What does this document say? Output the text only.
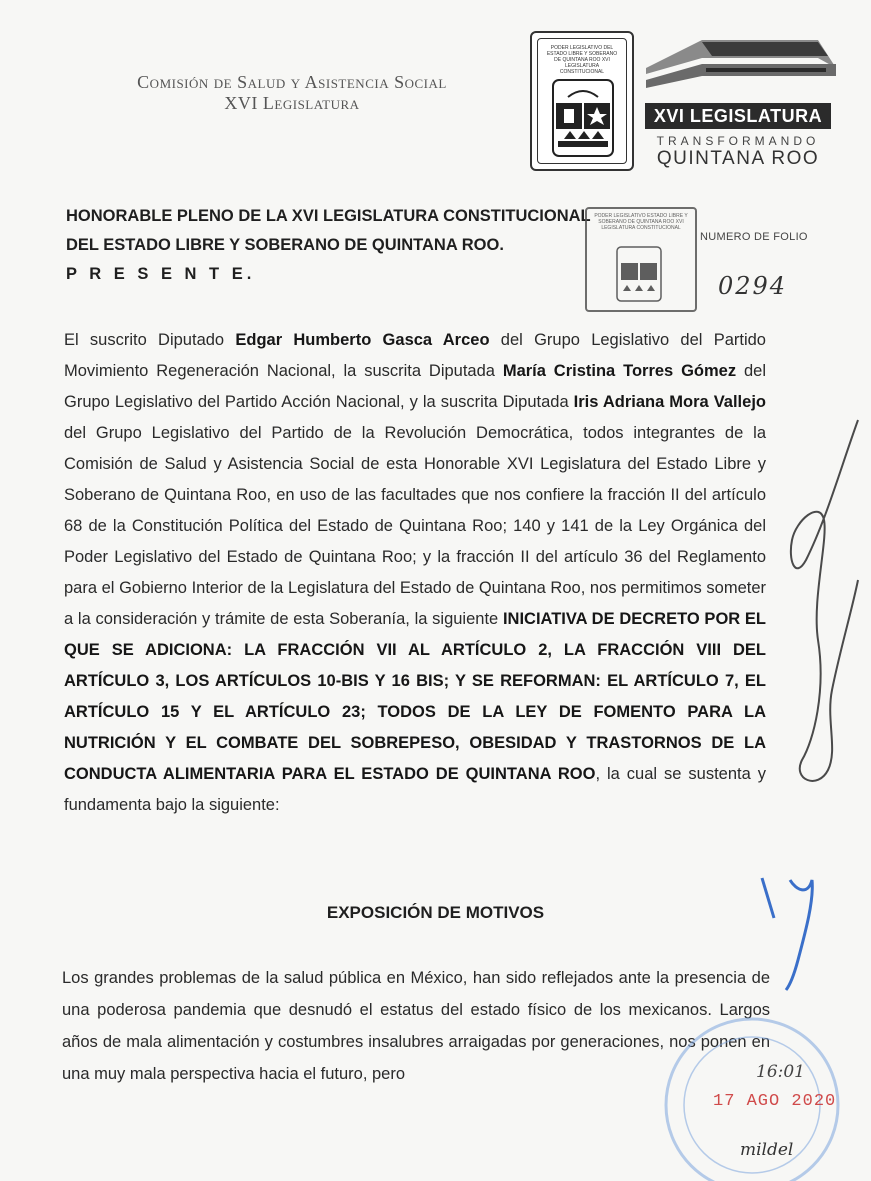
Comisión de Salud y Asistencia Social
XVI Legislatura
PODER LEGISLATIVO DEL ESTADO LIBRE Y SOBERANO DE QUINTANA ROO XVI LEGISLATURA CONSTITUCIONAL
XVI LEGISLATURA
TRANSFORMANDO
QUINTANA ROO
HONORABLE PLENO DE LA XVI LEGISLATURA CONSTITUCIONAL
DEL ESTADO LIBRE Y SOBERANO DE QUINTANA ROO.
P R E S E N T E.
PODER LEGISLATIVO ESTADO LIBRE Y SOBERANO DE QUINTANA ROO XVI LEGISLATURA CONSTITUCIONAL
NUMERO DE FOLIO
0294
El suscrito Diputado Edgar Humberto Gasca Arceo del Grupo Legislativo del Partido Movimiento Regeneración Nacional, la suscrita Diputada María Cristina Torres Gómez del Grupo Legislativo del Partido Acción Nacional, y la suscrita Diputada Iris Adriana Mora Vallejo del Grupo Legislativo del Partido de la Revolución Democrática, todos integrantes de la Comisión de Salud y Asistencia Social de esta Honorable XVI Legislatura del Estado Libre y Soberano de Quintana Roo, en uso de las facultades que nos confiere la fracción II del artículo 68 de la Constitución Política del Estado de Quintana Roo; 140 y 141 de la Ley Orgánica del Poder Legislativo del Estado de Quintana Roo; y la fracción II del artículo 36 del Reglamento para el Gobierno Interior de la Legislatura del Estado de Quintana Roo, nos permitimos someter a la consideración y trámite de esta Soberanía, la siguiente INICIATIVA DE DECRETO POR EL QUE SE ADICIONA: LA FRACCIÓN VII AL ARTÍCULO 2, LA FRACCIÓN VIII DEL ARTÍCULO 3, LOS ARTÍCULOS 10-BIS Y 16 BIS; Y SE REFORMAN: EL ARTÍCULO 7, EL ARTÍCULO 15 Y EL ARTÍCULO 23; TODOS DE LA LEY DE FOMENTO PARA LA NUTRICIÓN Y EL COMBATE DEL SOBREPESO, OBESIDAD Y TRASTORNOS DE LA CONDUCTA ALIMENTARIA PARA EL ESTADO DE QUINTANA ROO, la cual se sustenta y fundamenta bajo la siguiente:
EXPOSICIÓN DE MOTIVOS
Los grandes problemas de la salud pública en México, han sido reflejados ante la presencia de una poderosa pandemia que desnudó el estatus del estado físico de los mexicanos. Largos años de mala alimentación y costumbres insalubres arraigadas por generaciones, nos ponen en una muy mala perspectiva hacia el futuro, pero	16:01
17 AGO 2020
mildel
